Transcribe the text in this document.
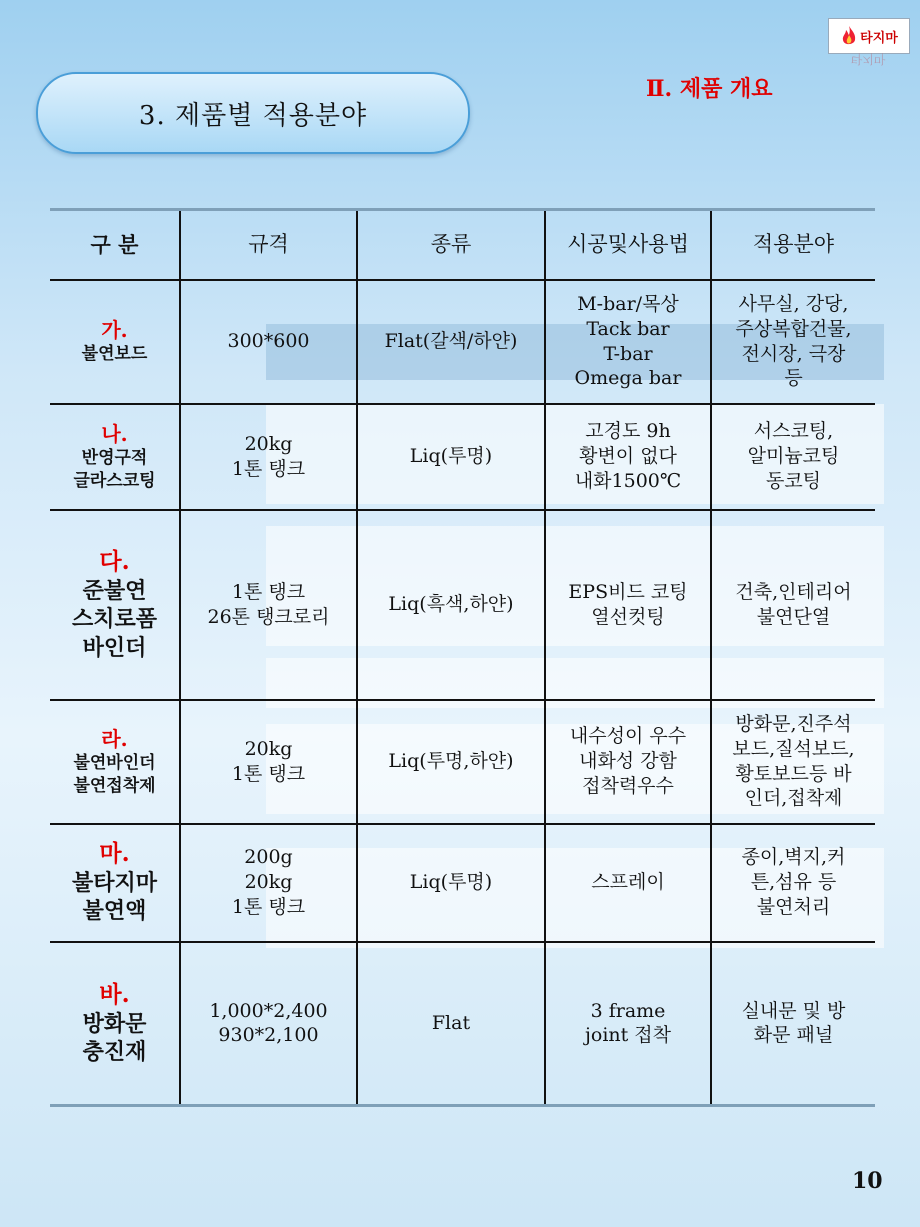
타지마
타지마
3. 제품별 적용분야
Ⅱ. 제품 개요
구 분	규격	종류	시공및사용법	적용분야

가.
불연보드	300*600	Flat(갈색/하얀)	M-bar/목상
Tack bar
T-bar
Omega bar	사무실, 강당,
주상복합건물,
전시장, 극장
등

나.
반영구적
글라스코팅	20kg
1톤 탱크	Liq(투명)	고경도 9h
황변이 없다
내화1500℃	서스코팅,
알미늄코팅
동코팅

다.
준불연
스치로폼
바인더	1톤 탱크
26톤 탱크로리	Liq(흑색,하얀)	EPS비드 코팅
열선컷팅	건축,인테리어
불연단열

라.
불연바인더
불연접착제	20kg
1톤 탱크	Liq(투명,하얀)	내수성이 우수
내화성 강함
접착력우수	방화문,진주석
보드,질석보드,
황토보드등 바
인더,접착제

마.
불타지마
불연액	200g
20kg
1톤 탱크	Liq(투명)	스프레이	종이,벽지,커
튼,섬유 등
불연처리

바.
방화문
충진재	1,000*2,400
930*2,100	Flat	3 frame
joint 접착	실내문 및 방
화문 패널
10
